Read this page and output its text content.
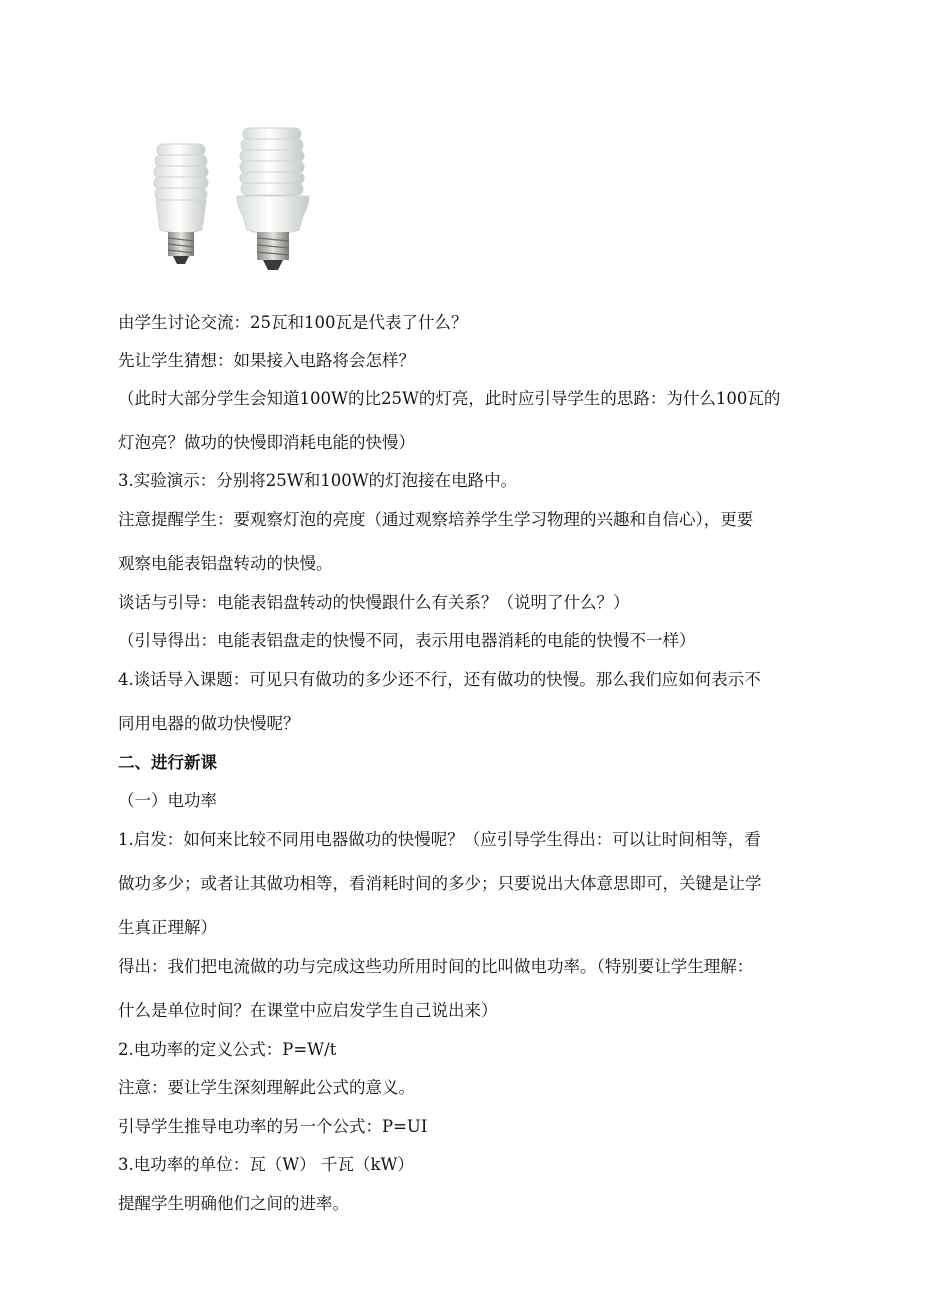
由学生讨论交流：25瓦和100瓦是代表了什么？
先让学生猜想：如果接入电路将会怎样？
（此时大部分学生会知道100W的比25W的灯亮，此时应引导学生的思路：为什么100瓦的
灯泡亮？做功的快慢即消耗电能的快慢）
3.实验演示：分别将25W和100W的灯泡接在电路中。
注意提醒学生：要观察灯泡的亮度（通过观察培养学生学习物理的兴趣和自信心），更要
观察电能表铝盘转动的快慢。
谈话与引导：电能表铝盘转动的快慢跟什么有关系？（说明了什么？）
（引导得出：电能表铝盘走的快慢不同，表示用电器消耗的电能的快慢不一样）
4.谈话导入课题：可见只有做功的多少还不行，还有做功的快慢。那么我们应如何表示不
同用电器的做功快慢呢？
二、进行新课
（一）电功率
1.启发：如何来比较不同用电器做功的快慢呢？（应引导学生得出：可以让时间相等，看
做功多少；或者让其做功相等，看消耗时间的多少；只要说出大体意思即可，关键是让学
生真正理解）
得出：我们把电流做的功与完成这些功所用时间的比叫做电功率。（特别要让学生理解：
什么是单位时间？在课堂中应启发学生自己说出来）
2.电功率的定义公式：P=W/t
注意：要让学生深刻理解此公式的意义。
引导学生推导电功率的另一个公式：P=UI
3.电功率的单位：瓦（W） 千瓦（kW）
提醒学生明确他们之间的进率。
